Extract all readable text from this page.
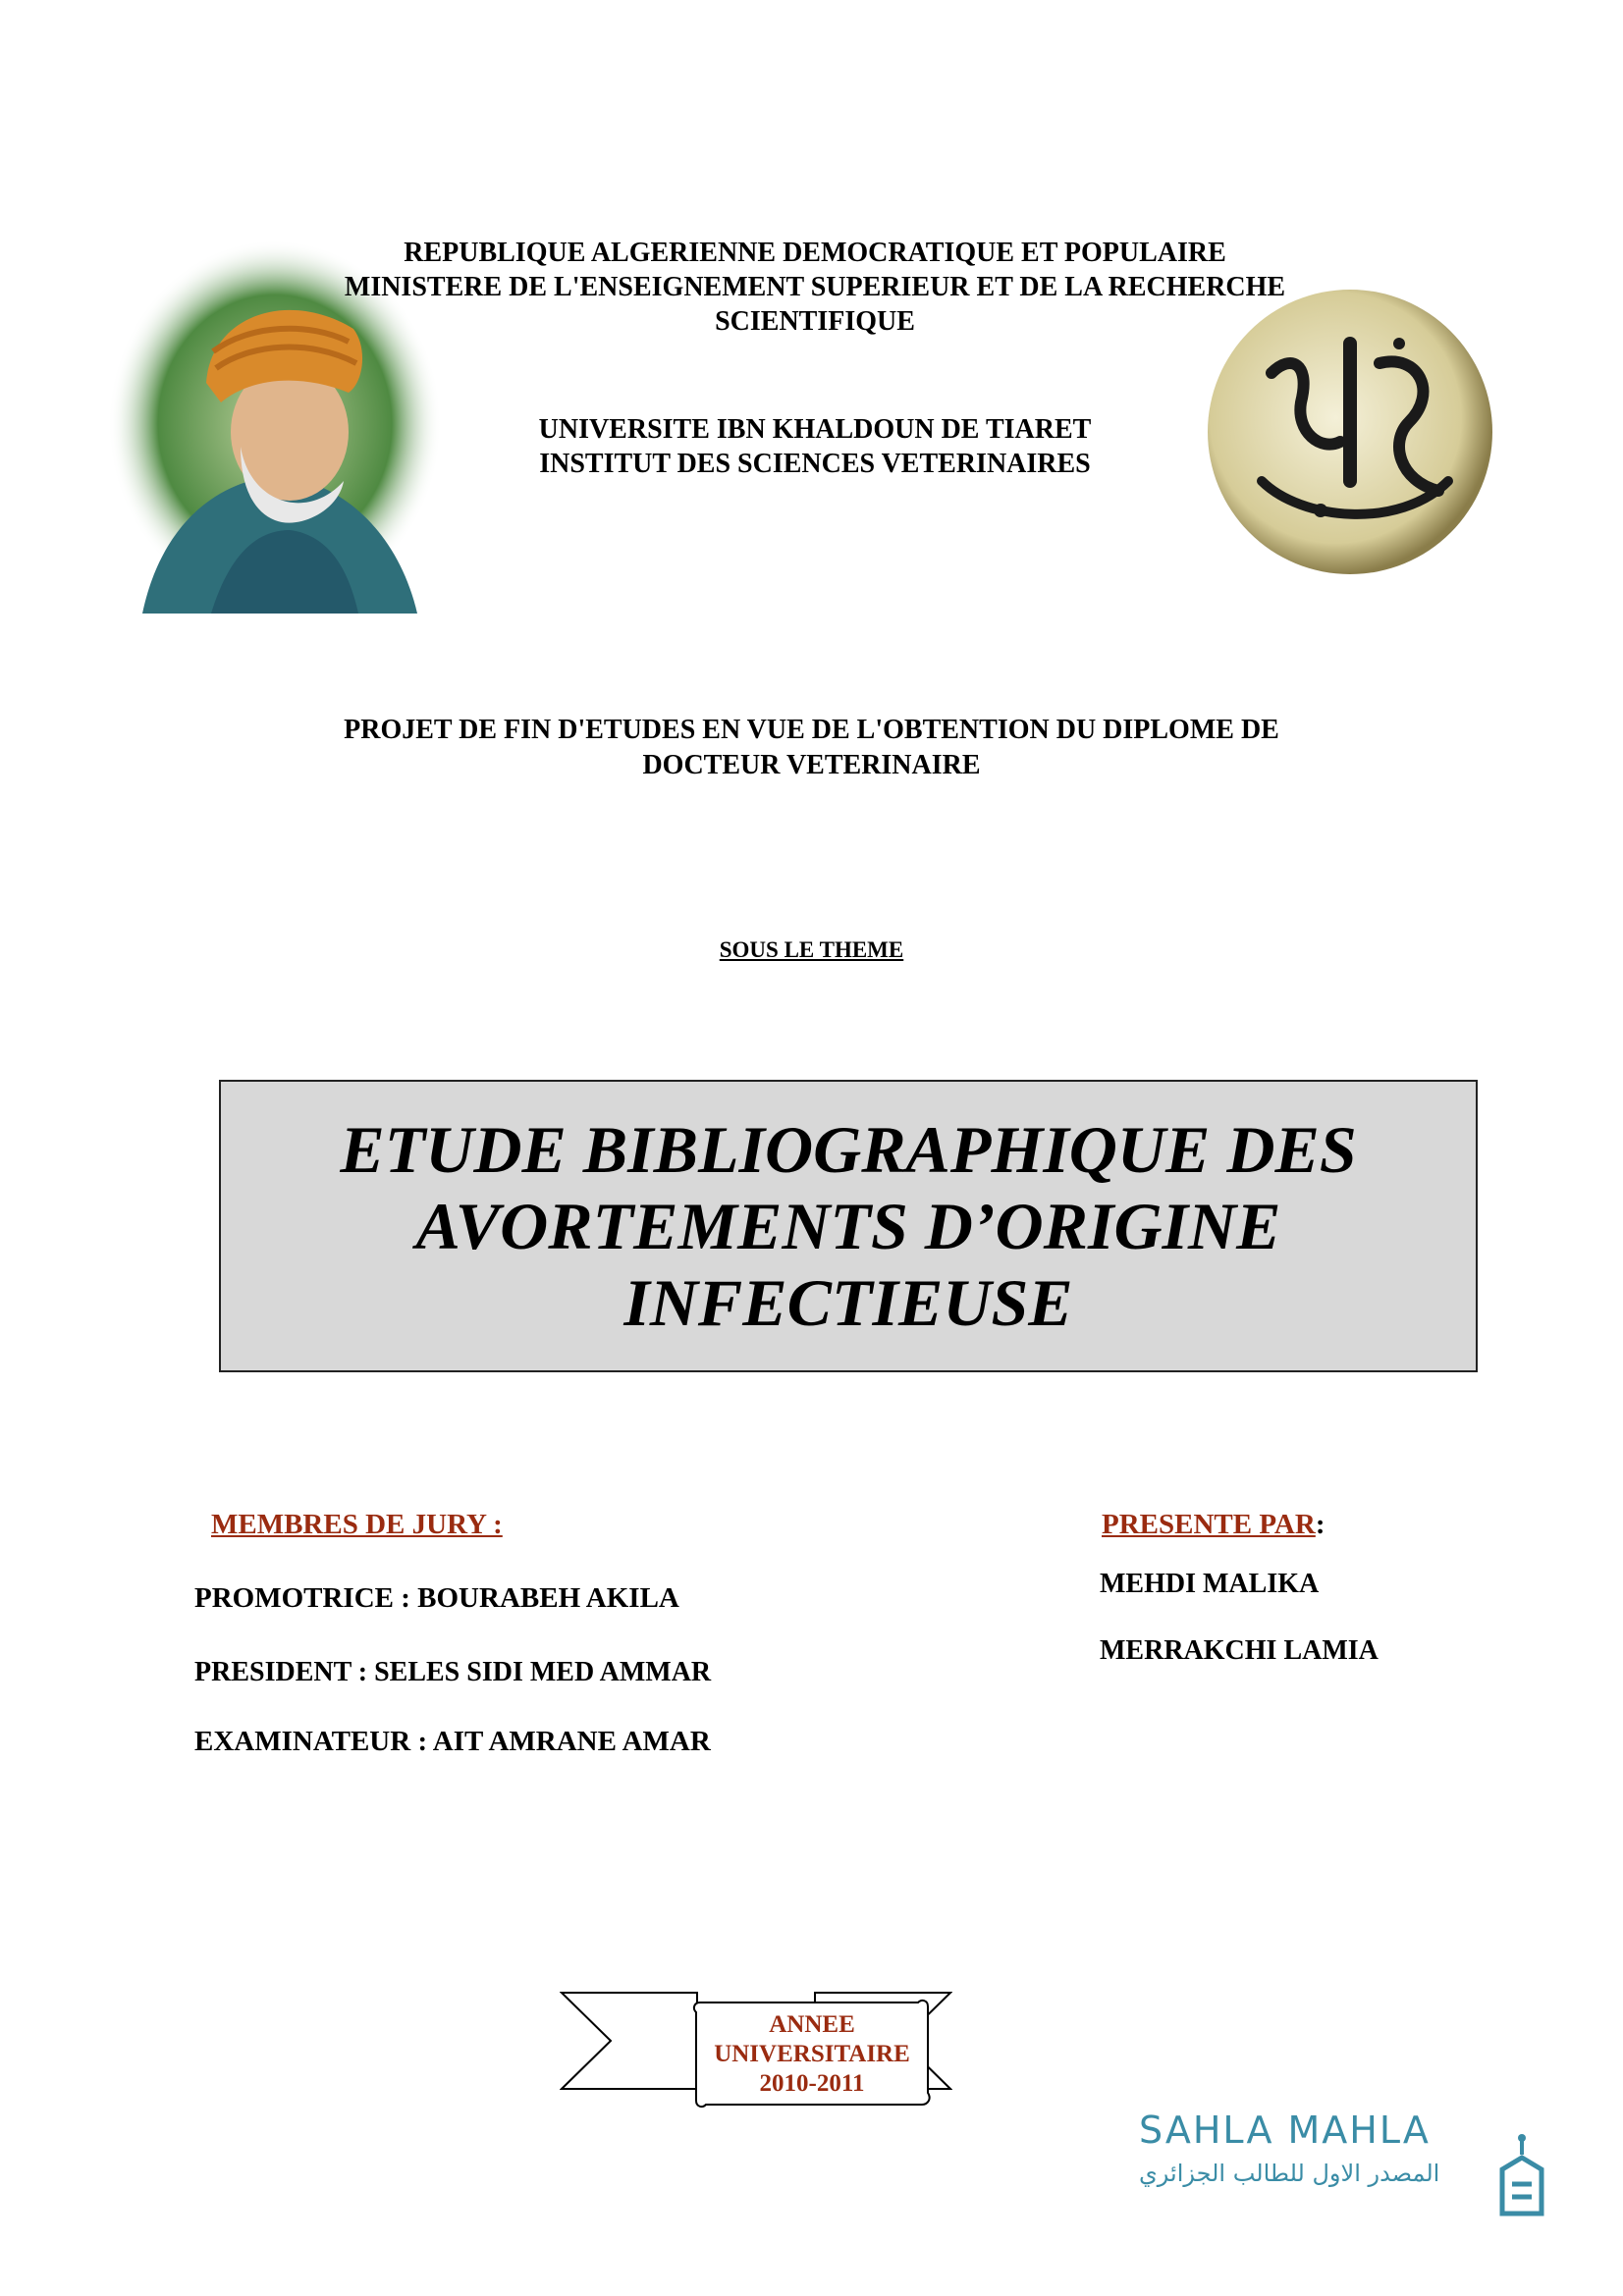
REPUBLIQUE ALGERIENNE DEMOCRATIQUE ET POPULAIRE
MINISTERE DE L'ENSEIGNEMENT SUPERIEUR ET DE LA RECHERCHE
SCIENTIFIQUE
UNIVERSITE IBN KHALDOUN DE TIARET
INSTITUT DES SCIENCES VETERINAIRES
PROJET DE FIN D'ETUDES EN VUE DE L'OBTENTION DU DIPLOME DE
DOCTEUR VETERINAIRE
SOUS LE THEME
ETUDE BIBLIOGRAPHIQUE DES
AVORTEMENTS D’ORIGINE
INFECTIEUSE
MEMBRES DE JURY :	PRESENTE PAR:
PROMOTRICE : BOURABEH AKILA
PRESIDENT : SELES SIDI MED AMMAR
EXAMINATEUR : AIT AMRANE AMAR
MEHDI MALIKA
MERRAKCHI LAMIA
ANNEE
UNIVERSITAIRE
2010-2011
SAHLA MAHLA
المصدر الاول للطالب الجزائري
